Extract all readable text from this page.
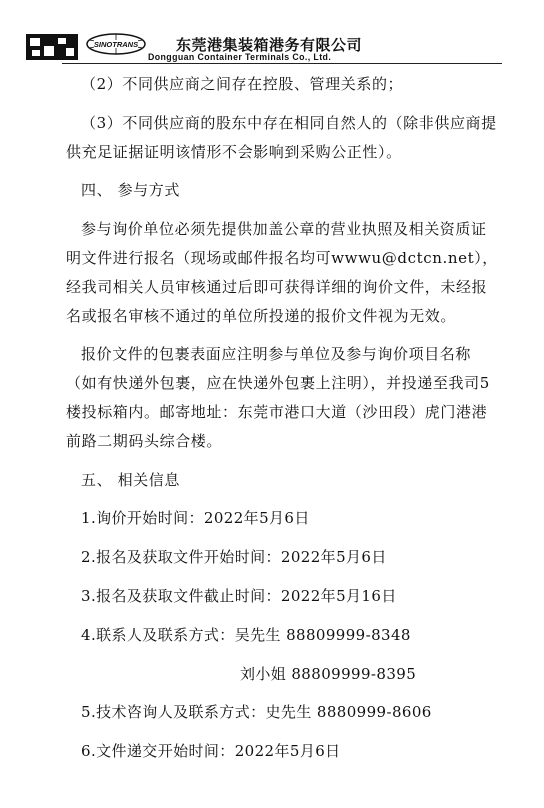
SINOTRANS	东莞港集装箱港务有限公司
Dongguan Container Terminals Co., Ltd.

（2）不同供应商之间存在控股、管理关系的；

（3）不同供应商的股东中存在相同自然人的（除非供应商提供充足证据证明该情形不会影响到采购公正性）。

四、 参与方式

参与询价单位必须先提供加盖公章的营业执照及相关资质证明文件进行报名（现场或邮件报名均可wwwu@dctcn.net），经我司相关人员审核通过后即可获得详细的询价文件，未经报名或报名审核不通过的单位所投递的报价文件视为无效。

报价文件的包裹表面应注明参与单位及参与询价项目名称（如有快递外包裹，应在快递外包裹上注明），并投递至我司5楼投标箱内。邮寄地址：东莞市港口大道（沙田段）虎门港港前路二期码头综合楼。

五、 相关信息

1.询价开始时间：2022年5月6日

2.报名及获取文件开始时间：2022年5月6日

3.报名及获取文件截止时间：2022年5月16日

4.联系人及联系方式：吴先生 88809999-8348

刘小姐 88809999-8395

5.技术咨询人及联系方式：史先生 8880999-8606

6.文件递交开始时间：2022年5月6日
